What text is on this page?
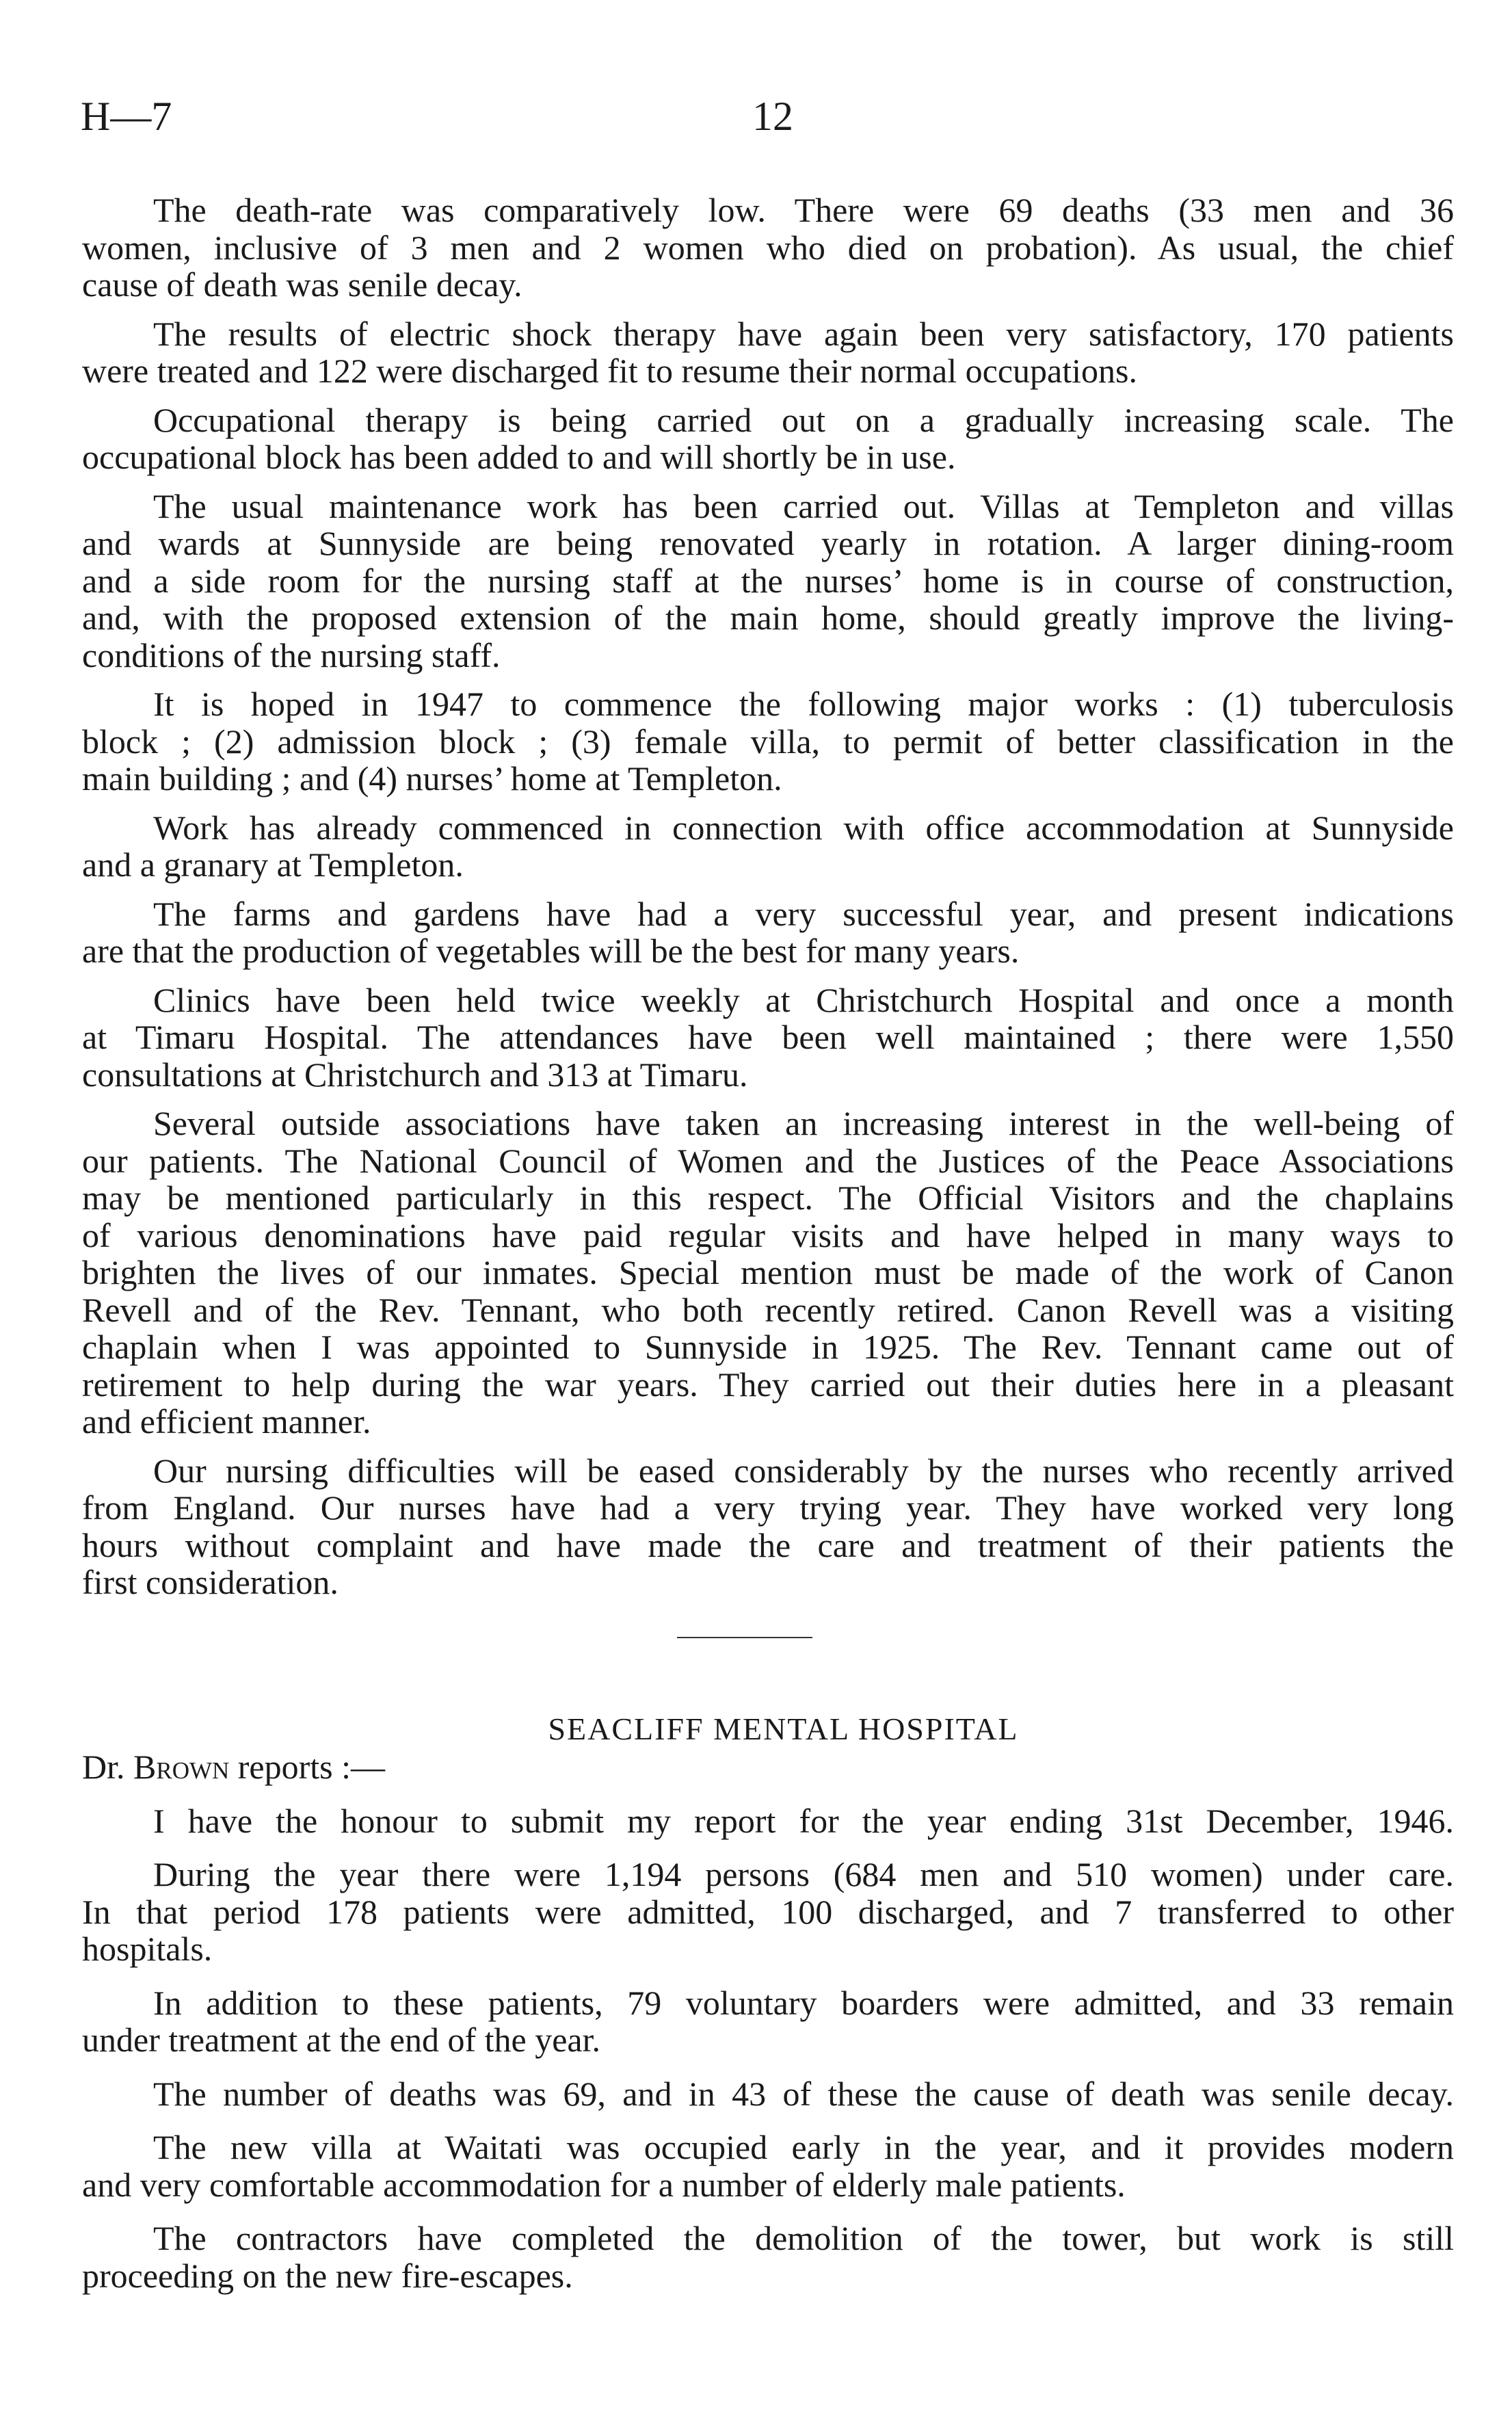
H—7	12
The death-rate was comparatively low. There were 69 deaths (33 men and 36
women, inclusive of 3 men and 2 women who died on probation). As usual, the chief
cause of death was senile decay.
The results of electric shock therapy have again been very satisfactory, 170 patients
were treated and 122 were discharged fit to resume their normal occupations.
Occupational therapy is being carried out on a gradually increasing scale. The
occupational block has been added to and will shortly be in use.
The usual maintenance work has been carried out. Villas at Templeton and villas
and wards at Sunnyside are being renovated yearly in rotation. A larger dining-room
and a side room for the nursing staff at the nurses’ home is in course of construction,
and, with the proposed extension of the main home, should greatly improve the living-
conditions of the nursing staff.
It is hoped in 1947 to commence the following major works : (1) tuberculosis
block ; (2) admission block ; (3) female villa, to permit of better classification in the
main building ; and (4) nurses’ home at Templeton.
Work has already commenced in connection with office accommodation at Sunnyside
and a granary at Templeton.
The farms and gardens have had a very successful year, and present indications
are that the production of vegetables will be the best for many years.
Clinics have been held twice weekly at Christchurch Hospital and once a month
at Timaru Hospital. The attendances have been well maintained ; there were 1,550
consultations at Christchurch and 313 at Timaru.
Several outside associations have taken an increasing interest in the well-being of
our patients. The National Council of Women and the Justices of the Peace Associations
may be mentioned particularly in this respect. The Official Visitors and the chaplains
of various denominations have paid regular visits and have helped in many ways to
brighten the lives of our inmates. Special mention must be made of the work of Canon
Revell and of the Rev. Tennant, who both recently retired. Canon Revell was a visiting
chaplain when I was appointed to Sunnyside in 1925. The Rev. Tennant came out of
retirement to help during the war years. They carried out their duties here in a pleasant
and efficient manner.
Our nursing difficulties will be eased considerably by the nurses who recently arrived
from England. Our nurses have had a very trying year. They have worked very long
hours without complaint and have made the care and treatment of their patients the
first consideration.
SEACLIFF MENTAL HOSPITAL
Dr. Brown reports :—
I have the honour to submit my report for the year ending 31st December, 1946.
During the year there were 1,194 persons (684 men and 510 women) under care.
In that period 178 patients were admitted, 100 discharged, and 7 transferred to other
hospitals.
In addition to these patients, 79 voluntary boarders were admitted, and 33 remain
under treatment at the end of the year.
The number of deaths was 69, and in 43 of these the cause of death was senile decay.
The new villa at Waitati was occupied early in the year, and it provides modern
and very comfortable accommodation for a number of elderly male patients.
The contractors have completed the demolition of the tower, but work is still
proceeding on the new fire-escapes.
